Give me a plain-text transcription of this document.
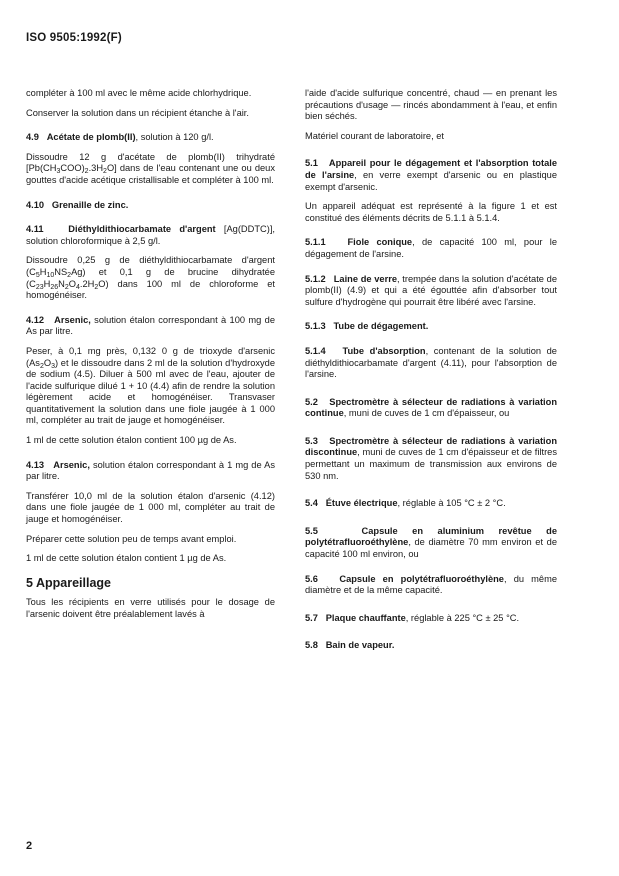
ISO 9505:1992(F)

compléter à 100 ml avec le même acide chlorhydrique.

Conserver la solution dans un récipient étanche à l'air.

4.9 Acétate de plomb(II), solution à 120 g/l.

Dissoudre 12 g d'acétate de plomb(II) trihydraté $[Pb(CH_3COO)_2.3H_2O]$ dans de l'eau contenant une ou deux gouttes d'acide acétique cristallisable et compléter à 100 ml.

4.10 Grenaille de zinc.

4.11	Diéthyldithiocarbamate d'argent [Ag(DDTC)], solution chloroformique à 2,5 g/l.

Dissoudre 0,25 g de diéthyldithiocarbamate d'argent $(C_5H_{10}NS_2Ag)$ et 0,1 g de brucine dihydratée $(C_{23}H_{26}N_2O_4.2H_2O)$ dans 100 ml de chloroforme et homogénéiser.

4.12 Arsenic, solution étalon correspondant à 100 mg de As par litre.

Peser, à 0,1 mg près, 0,132 0 g de trioxyde d'arsenic $(As_2O_3)$ et le dissoudre dans 2 ml de la solution d'hydroxyde de sodium (4.5). Diluer à 500 ml avec de l'eau, ajouter de l'acide sulfurique dilué 1 + 10 (4.4) afin de rendre la solution légèrement acide et homogénéiser. Transvaser quantitativement la solution dans une fiole jaugée à 1 000 ml, compléter au trait de jauge et homogénéiser.

1 ml de cette solution étalon contient 100 µg de As.

4.13 Arsenic, solution étalon correspondant à 1 mg de As par litre.

Transférer 10,0 ml de la solution étalon d'arsenic (4.12) dans une fiole jaugée de 1 000 ml, compléter au trait de jauge et homogénéiser.

Préparer cette solution peu de temps avant emploi.

1 ml de cette solution étalon contient 1 µg de As.

5 Appareillage

Tous les récipients en verre utilisés pour le dosage de l'arsenic doivent être préalablement lavés à

l'aide d'acide sulfurique concentré, chaud — en prenant les précautions d'usage — rincés abondamment à l'eau, et enfin bien séchés.

Matériel courant de laboratoire, et

5.1 Appareil pour le dégagement et l'absorption totale de l'arsine, en verre exempt d'arsenic ou en plastique exempt d'arsenic.

Un appareil adéquat est représenté à la figure 1 et est constitué des éléments décrits de 5.1.1 à 5.1.4.

5.1.1 Fiole conique, de capacité 100 ml, pour le dégagement de l'arsine.

5.1.2 Laine de verre, trempée dans la solution d'acétate de plomb(II) (4.9) et qui a été égouttée afin d'absorber tout sulfure d'hydrogène qui pourrait être libéré avec l'arsine.

5.1.3 Tube de dégagement.

5.1.4 Tube d'absorption, contenant de la solution de diéthyldithiocarbamate d'argent (4.11), pour l'absorption de l'arsine.

5.2 Spectromètre à sélecteur de radiations à variation continue, muni de cuves de 1 cm d'épaisseur, ou

5.3 Spectromètre à sélecteur de radiations à variation discontinue, muni de cuves de 1 cm d'épaisseur et de filtres permettant un maximum de transmission aux environs de 530 nm.

5.4 Étuve électrique, réglable à 105 °C ± 2 °C.

5.5	Capsule en aluminium revêtue de polytétrafluoroéthylène, de diamètre 70 mm environ et de capacité 100 ml environ, ou

5.6 Capsule en polytétrafluoroéthylène, du même diamètre et de la même capacité.

5.7 Plaque chauffante, réglable à 225 °C ± 25 °C.

5.8 Bain de vapeur.

2
